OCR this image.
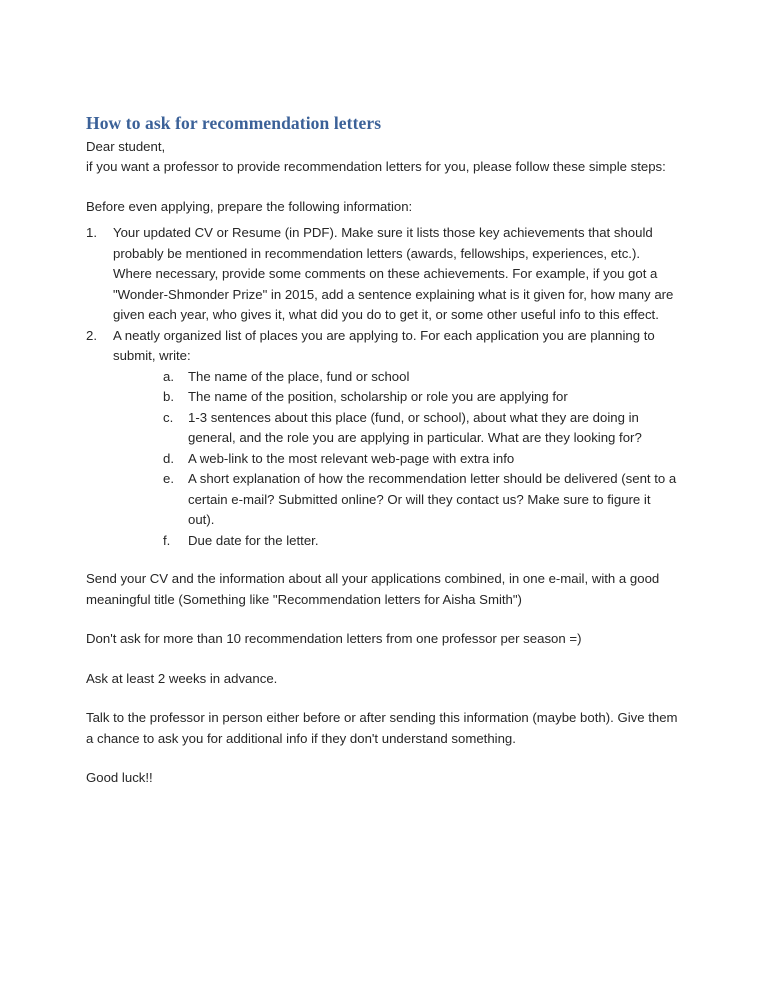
How to ask for recommendation letters

Dear student,

if you want a professor to provide recommendation letters for you, please follow these simple steps:

Before even applying, prepare the following information:

1.	Your updated CV or Resume (in PDF). Make sure it lists those key achievements that should probably be mentioned in recommendation letters (awards, fellowships, experiences, etc.). Where necessary, provide some comments on these achievements. For example, if you got a "Wonder-Shmonder Prize" in 2015, add a sentence explaining what is it given for, how many are given each year, who gives it, what did you do to get it, or some other useful info to this effect.
2.	A neatly organized list of places you are applying to. For each application you are planning to submit, write:
a.	The name of the place, fund or school
b.	The name of the position, scholarship or role you are applying for
c.	1-3 sentences about this place (fund, or school), about what they are doing in general, and the role you are applying in particular. What are they looking for?
d.	A web-link to the most relevant web-page with extra info
e.	A short explanation of how the recommendation letter should be delivered (sent to a certain e-mail? Submitted online? Or will they contact us? Make sure to figure it out).
f.	Due date for the letter.

Send your CV and the information about all your applications combined, in one e-mail, with a good meaningful title (Something like "Recommendation letters for Aisha Smith")

Don't ask for more than 10 recommendation letters from one professor per season =)

Ask at least 2 weeks in advance.

Talk to the professor in person either before or after sending this information (maybe both). Give them a chance to ask you for additional info if they don't understand something.

Good luck!!
